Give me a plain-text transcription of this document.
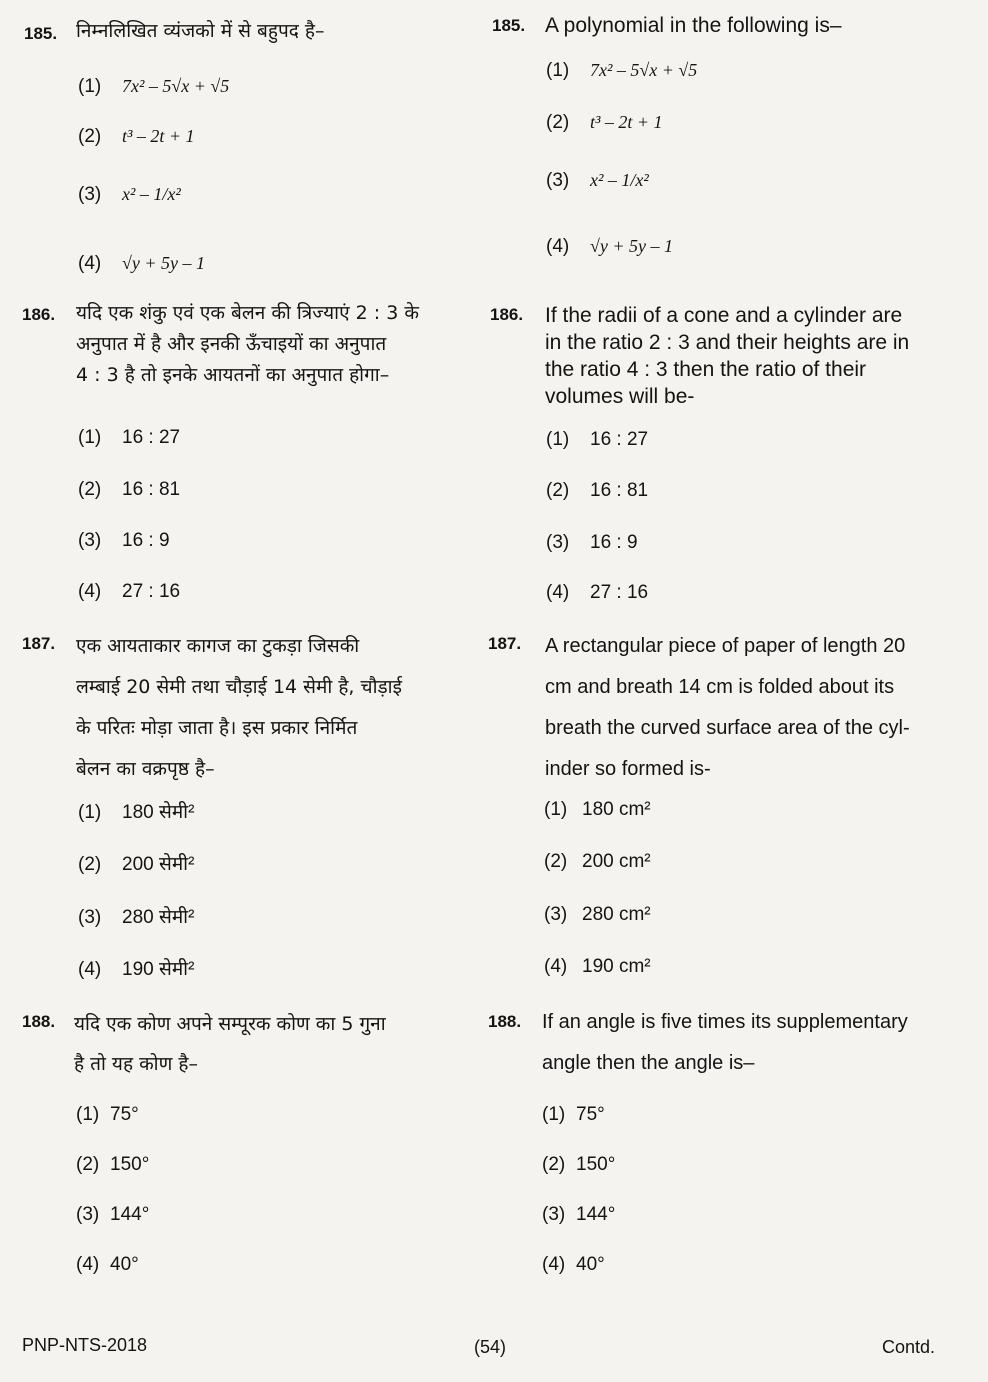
185. निम्नलिखित व्यंजको में से बहुपद है–	185. A polynomial in the following is–
(1) 7x² – 5√x + √5
(2) t³ – 2t + 1
(3) x² – 1/x²
(4) √y + 5y – 1
(1) 7x² – 5√x + √5
(2) t³ – 2t + 1
(3) x² – 1/x²
(4) √y + 5y – 1
186. यदि एक शंकु एवं एक बेलन की त्रिज्याएं 2 : 3 के
अनुपात में है और इनकी ऊँचाइयों का अनुपात
4 : 3 है तो इनके आयतनों का अनुपात होगा–
186. If the radii of a cone and a cylinder are
in the ratio 2 : 3 and their heights are in
the ratio 4 : 3 then the ratio of their
volumes will be-
(1) 16 : 27
(2) 16 : 81
(3) 16 : 9
(4) 27 : 16
(1) 16 : 27
(2) 16 : 81
(3) 16 : 9
(4) 27 : 16
187. एक आयताकार कागज का टुकड़ा जिसकी
लम्बाई 20 सेमी तथा चौड़ाई 14 सेमी है, चौड़ाई
के परितः मोड़ा जाता है। इस प्रकार निर्मित
बेलन का वक्रपृष्ठ है–
187. A rectangular piece of paper of length 20
cm and breath 14 cm is folded about its
breath the curved surface area of the cyl-
inder so formed is-
(1) 180 सेमी²
(2) 200 सेमी²
(3) 280 सेमी²
(4) 190 सेमी²
(1) 180 cm²
(2) 200 cm²
(3) 280 cm²
(4) 190 cm²
188. यदि एक कोण अपने सम्पूरक कोण का 5 गुना
है तो यह कोण है–
188. If an angle is five times its supplementary
angle then the angle is–
(1) 75°
(2) 150°
(3) 144°
(4) 40°
(1) 75°
(2) 150°
(3) 144°
(4) 40°
PNP-NTS-2018	(54)	Contd.
